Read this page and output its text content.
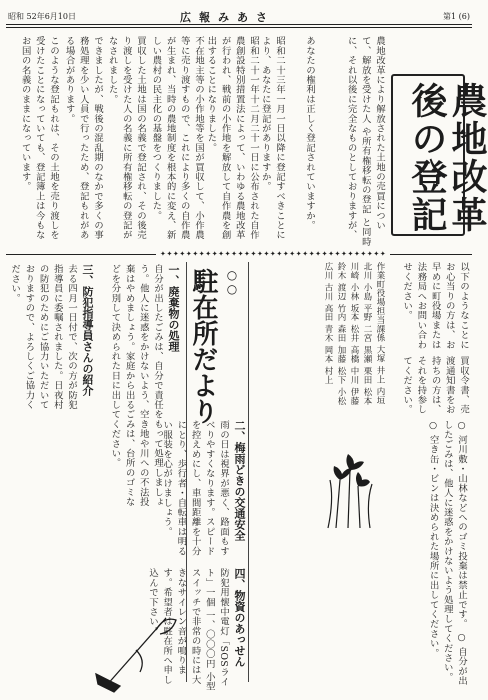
昭和 52年6月10日	広報みあさ	第1 (6)
農地改革後の登記
農地改革により解放された土地の売買につい て、解放を受けた人 や所有権移転の登記 と同時に、それ以後に完全なものとしておりますが、
あなたの権利は正しく登記されていますか。
昭和二十三年一月一日以降に登記すべきことにより、あなたに登記がありますか。
昭和二十一年十二月二十一日に公布された自作農創設特別措置法によって、いわゆる農地改革が行われ、戦前の小作地を解放して自作農を創出することになりました。
不在地主等の小作地等を国が買収して、小作農等に売り渡すもので、これにより多くの自作農が生まれ、当時の農地制度を根本的に変え、新しい農村の民主化の基盤をつくりました。
買収した土地は国の名義で登記され、その後売り渡しを受けた人の名義に所有権移転の登記がなされました。
できましたが、戦後の混乱期のなかで多くの事務処理を少い人員で行ったため、登記もれがある場合があります。
このような登記もれは、その土地を売り渡しを受けたことになっていても、登記簿上は今もなお国の名義のままになっています。
✦✦✦✦✦✦✦✦✦✦✦✦✦✦✦✦✦✦✦✦✦✦✦✦✦✦✦✦✦✦✦✦✦✦✦
以下のようなことにお心当りの方は、お早めに町役場または法務局へお問い合わせください。
買収令書、売渡通知書をお持ちの方は、それを持参してください。
作業町役場担当課係 大塚 井上 内垣 北川 小島 平野 二宮 黒瀬 栗田 松本 川崎 小林 坂本 松井 高橋 中川 伊藤 鈴木 渡辺 竹内 森田 加藤 松下 小松 広川 古川 高田 青木 岡本 村上
○ 河川敷・山林などへのゴミ投棄は禁止です。 ○ 自分が出したごみは、他人に迷惑をかけないよう処理してください。 ○ 空き缶・ビンは決められた場所に出してください。
○○
駐在所だより
一、廃棄物の処理
自分が出したごみは、自分で責任をもって処理しましょう。他人に迷惑をかけないよう、空き地や川への不法投棄はやめましょう。家庭から出るごみは、台所のゴミなどを分別して決められた日に出してください。
三、防犯指導員さんの紹介
去る四月一日付で、次の方が防犯指導員に委嘱されました。日夜村の防犯のためにご協力いただいておりますので、よろしくご協力ください。
二、梅雨どきの交通安全
雨の日は視界が悪く、路面もすべりやすくなります。スピードを控えめにし、車間距離を十分にとり、歩行者・自転車は明るい服装を心がけましょう。
四、物資のあっせん
防犯用懐中電灯「SOSライト」一個 一、〇〇〇円 小型スイッチで非常の時には大きなサイレン音が鳴ります。希望者は駐在所へ申し込んで下さい。
